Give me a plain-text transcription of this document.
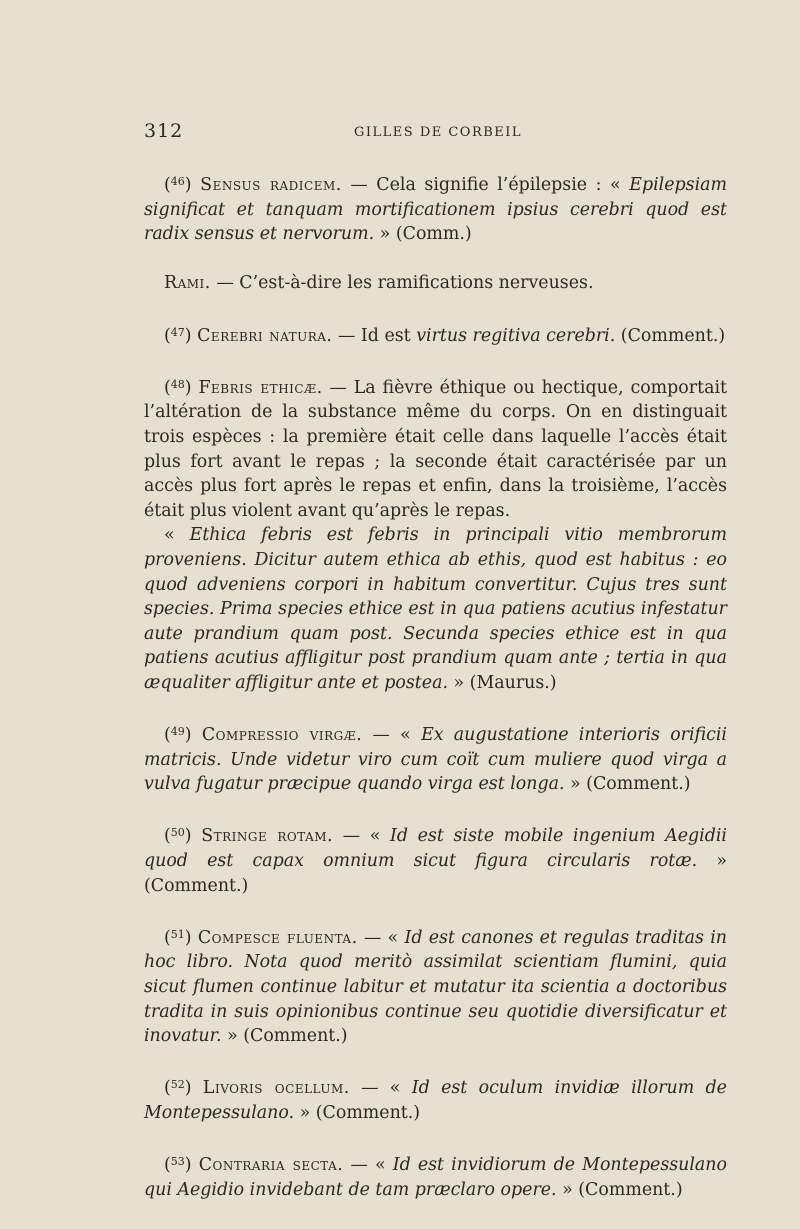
312	GILLES DE CORBEIL

($^{46}$) Sensus radicem. — Cela signifie l’épilepsie : « Epilepsiam significat et tanquam mortificationem ipsius cerebri quod est radix sensus et nervorum. » (Comm.)

Rami. — C’est-à-dire les ramifications nerveuses.

($^{47}$) Cerebri natura. — Id est virtus regitiva cerebri. (Comment.)

($^{48}$) Febris ethicæ. — La fièvre éthique ou hectique, comportait l’altération de la substance même du corps. On en distinguait trois espèces : la première était celle dans laquelle l’accès était plus fort avant le repas ; la seconde était caractérisée par un accès plus fort après le repas et enfin, dans la troisième, l’accès était plus violent avant qu’après le repas.

« Ethica febris est febris in principali vitio membrorum proveniens. Dicitur autem ethica ab ethis, quod est habitus : eo quod adveniens corpori in habitum convertitur. Cujus tres sunt species. Prima species ethice est in qua patiens acutius infestatur aute prandium quam post. Secunda species ethice est in qua patiens acutius affligitur post prandium quam ante ; tertia in qua æqualiter affligitur ante et postea. » (Maurus.)

($^{49}$) Compressio virgæ. — « Ex augustatione interioris orificii matricis. Unde videtur viro cum coït cum muliere quod virga a vulva fugatur præcipue quando virga est longa. » (Comment.)

($^{50}$) Stringe rotam. — « Id est siste mobile ingenium Aegidii quod est capax omnium sicut figura circularis rotæ. » (Comment.)

($^{51}$) Compesce fluenta. — « Id est canones et regulas traditas in hoc libro. Nota quod meritò assimilat scientiam flumini, quia sicut flumen continue labitur et mutatur ita scientia a doctoribus tradita in suis opinionibus continue seu quotidie diversificatur et inovatur. » (Comment.)

($^{52}$) Livoris ocellum. — « Id est oculum invidiæ illorum de Montepessulano. » (Comment.)

($^{53}$) Contraria secta. — « Id est invidiorum de Montepessulano qui Aegidio invidebant de tam præclaro opere. » (Comment.)
